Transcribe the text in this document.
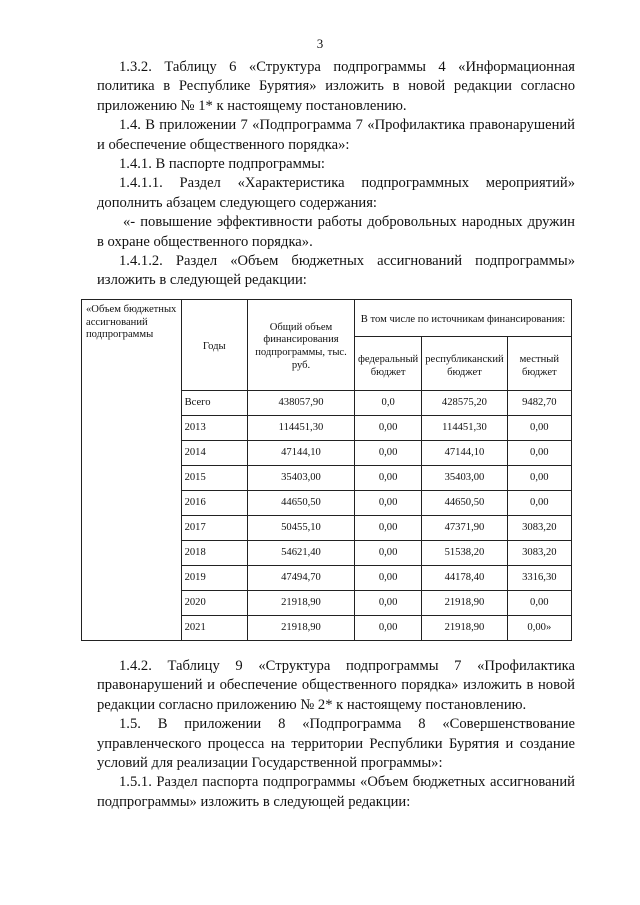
3

1.3.2. Таблицу 6 «Структура подпрограммы 4 «Информационная политика в Республике Бурятия» изложить в новой редакции согласно приложению № 1* к настоящему постановлению.

1.4. В приложении 7 «Подпрограмма 7 «Профилактика правонарушений и обеспечение общественного порядка»:

1.4.1. В паспорте подпрограммы:

1.4.1.1. Раздел «Характеристика подпрограммных мероприятий» дополнить абзацем следующего содержания:

«- повышение эффективности работы добровольных народных дружин в охране общественного порядка».

1.4.1.2. Раздел «Объем бюджетных ассигнований подпрограммы» изложить в следующей редакции:

«Объем бюджетных ассигнований подпрограммы	Годы	Общий объем финансирования подпрограммы, тыс. руб.	В том числе по источникам финансирования:		
			федеральный бюджет	республиканский бюджет	местный бюджет
	Всего	438057,90	0,0	428575,20	9482,70
	2013	114451,30	0,00	114451,30	0,00
	2014	47144,10	0,00	47144,10	0,00
	2015	35403,00	0,00	35403,00	0,00
	2016	44650,50	0,00	44650,50	0,00
	2017	50455,10	0,00	47371,90	3083,20
	2018	54621,40	0,00	51538,20	3083,20
	2019	47494,70	0,00	44178,40	3316,30
	2020	21918,90	0,00	21918,90	0,00
	2021	21918,90	0,00	21918,90	0,00»

1.4.2. Таблицу 9 «Структура подпрограммы 7 «Профилактика правонарушений и обеспечение общественного порядка» изложить в новой редакции согласно приложению № 2* к настоящему постановлению.

1.5. В приложении 8 «Подпрограмма 8 «Совершенствование управленческого процесса на территории Республики Бурятия и создание условий для реализации Государственной программы»:

1.5.1. Раздел паспорта подпрограммы «Объем бюджетных ассигнований подпрограммы» изложить в следующей редакции:
